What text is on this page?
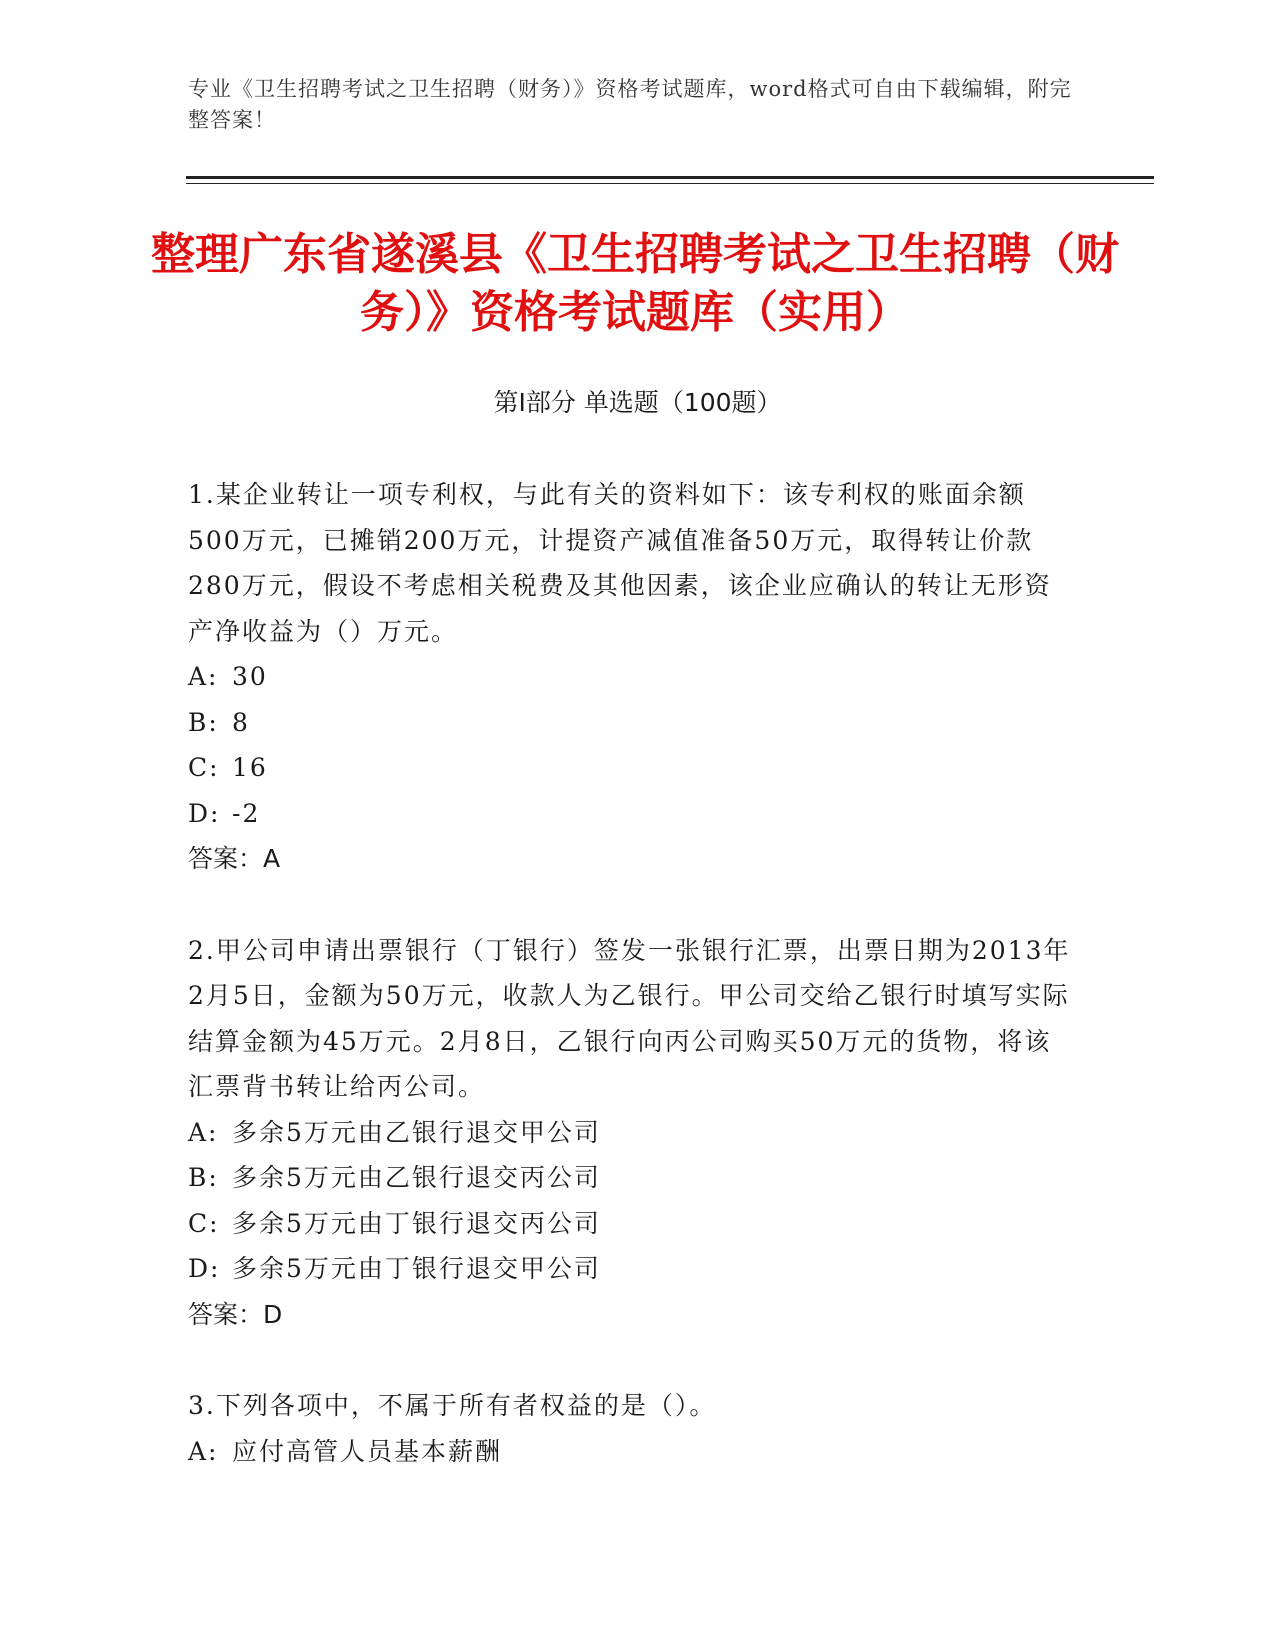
专业《卫生招聘考试之卫生招聘（财务）》资格考试题库，word格式可自由下载编辑，附完整答案！
整理广东省遂溪县《卫生招聘考试之卫生招聘（财务）》资格考试题库（实用）
第Ⅰ部分 单选题（100题）

1.某企业转让一项专利权，与此有关的资料如下：该专利权的账面余额500万元，已摊销200万元，计提资产减值准备50万元，取得转让价款280万元，假设不考虑相关税费及其他因素，该企业应确认的转让无形资产净收益为（）万元。

A: 30

B: 8

C: 16

D: -2

答案：A

2.甲公司申请出票银行（丁银行）签发一张银行汇票，出票日期为2013年2月5日，金额为50万元，收款人为乙银行。甲公司交给乙银行时填写实际结算金额为45万元。2月8日，乙银行向丙公司购买50万元的货物，将该汇票背书转让给丙公司。

A: 多余5万元由乙银行退交甲公司

B: 多余5万元由乙银行退交丙公司

C: 多余5万元由丁银行退交丙公司

D: 多余5万元由丁银行退交甲公司

答案：D

3.下列各项中，不属于所有者权益的是（）。

A: 应付高管人员基本薪酬
